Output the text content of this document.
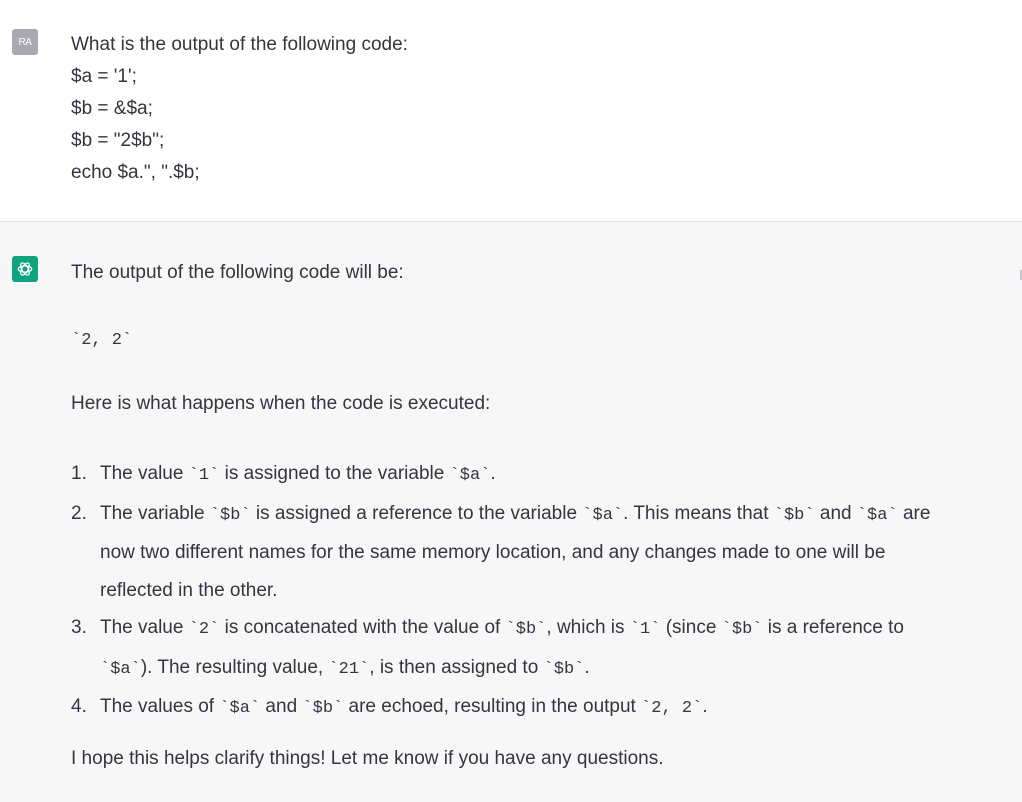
RA What is the output of the following code:
$a = '1';
$b = &$a;
$b = "2$b";
echo $a.", ".$b;
The output of the following code will be:
`2, 2`
Here is what happens when the code is executed:
1. The value `1` is assigned to the variable `$a`.
2. The variable `$b` is assigned a reference to the variable `$a`. This means that `$b` and `$a` are
now two different names for the same memory location, and any changes made to one will be
reflected in the other.
3. The value `2` is concatenated with the value of `$b`, which is `1` (since `$b` is a reference to
`$a`). The resulting value, `21`, is then assigned to `$b`.
4. The values of `$a` and `$b` are echoed, resulting in the output `2, 2`.
I hope this helps clarify things! Let me know if you have any questions.
